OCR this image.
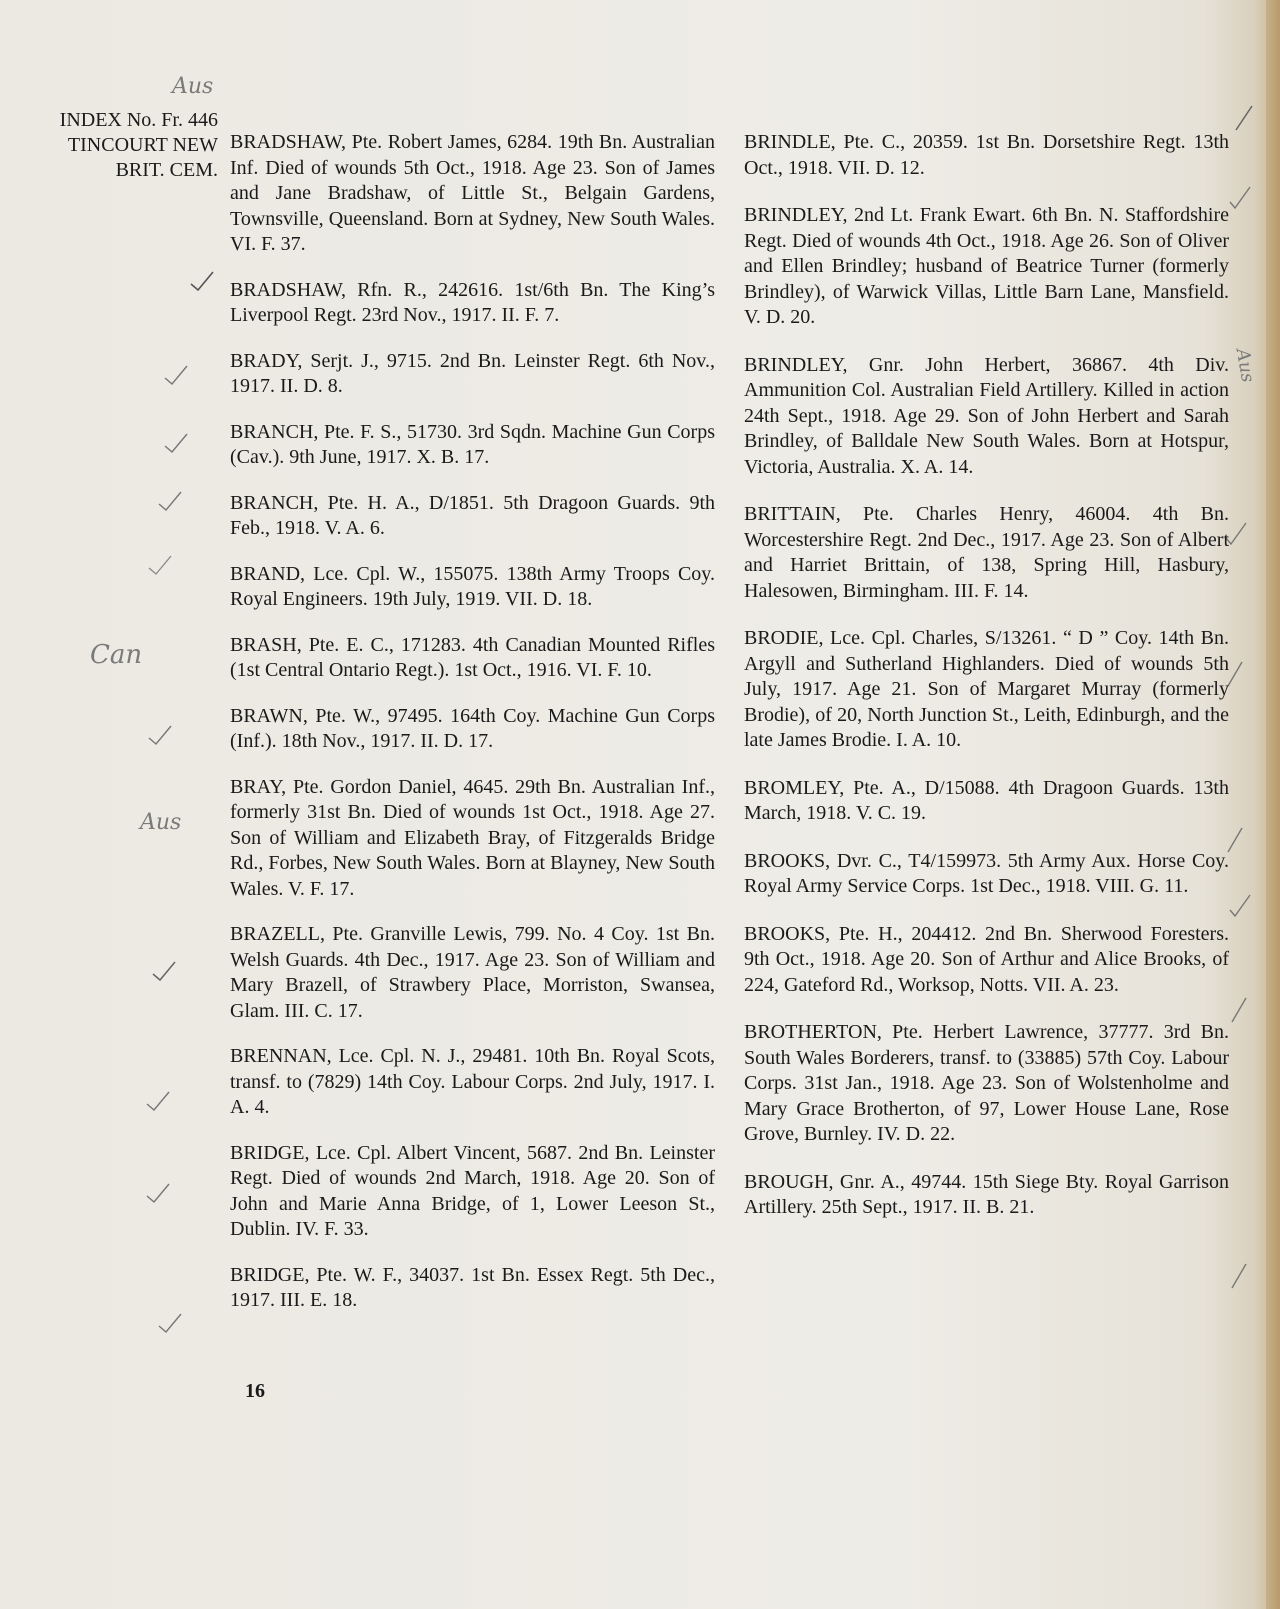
INDEX No. Fr. 446
TINCOURT NEW
BRIT. CEM.
Aus
Can
Aus
Aus

BRADSHAW, Pte. Robert James, 6284. 19th Bn. Australian Inf. Died of wounds 5th Oct., 1918. Age 23. Son of James and Jane Bradshaw, of Little St., Belgain Gardens, Townsville, Queensland. Born at Sydney, New South Wales. VI. F. 37.

BRADSHAW, Rfn. R., 242616. 1st/6th Bn. The King’s Liverpool Regt. 23rd Nov., 1917. II. F. 7.

BRADY, Serjt. J., 9715. 2nd Bn. Leinster Regt. 6th Nov., 1917. II. D. 8.

BRANCH, Pte. F. S., 51730. 3rd Sqdn. Machine Gun Corps (Cav.). 9th June, 1917. X. B. 17.

BRANCH, Pte. H. A., D/1851. 5th Dragoon Guards. 9th Feb., 1918. V. A. 6.

BRAND, Lce. Cpl. W., 155075. 138th Army Troops Coy. Royal Engineers. 19th July, 1919. VII. D. 18.

BRASH, Pte. E. C., 171283. 4th Canadian Mounted Rifles (1st Central Ontario Regt.). 1st Oct., 1916. VI. F. 10.

BRAWN, Pte. W., 97495. 164th Coy. Machine Gun Corps (Inf.). 18th Nov., 1917. II. D. 17.

BRAY, Pte. Gordon Daniel, 4645. 29th Bn. Australian Inf., formerly 31st Bn. Died of wounds 1st Oct., 1918. Age 27. Son of William and Elizabeth Bray, of Fitzgeralds Bridge Rd., Forbes, New South Wales. Born at Blayney, New South Wales. V. F. 17.

BRAZELL, Pte. Granville Lewis, 799. No. 4 Coy. 1st Bn. Welsh Guards. 4th Dec., 1917. Age 23. Son of William and Mary Brazell, of Strawbery Place, Morriston, Swansea, Glam. III. C. 17.

BRENNAN, Lce. Cpl. N. J., 29481. 10th Bn. Royal Scots, transf. to (7829) 14th Coy. Labour Corps. 2nd July, 1917. I. A. 4.

BRIDGE, Lce. Cpl. Albert Vincent, 5687. 2nd Bn. Leinster Regt. Died of wounds 2nd March, 1918. Age 20. Son of John and Marie Anna Bridge, of 1, Lower Leeson St., Dublin. IV. F. 33.

BRIDGE, Pte. W. F., 34037. 1st Bn. Essex Regt. 5th Dec., 1917. III. E. 18.

BRINDLE, Pte. C., 20359. 1st Bn. Dorsetshire Regt. 13th Oct., 1918. VII. D. 12.

BRINDLEY, 2nd Lt. Frank Ewart. 6th Bn. N. Staffordshire Regt. Died of wounds 4th Oct., 1918. Age 26. Son of Oliver and Ellen Brindley; husband of Beatrice Turner (formerly Brindley), of Warwick Villas, Little Barn Lane, Mansfield. V. D. 20.

BRINDLEY, Gnr. John Herbert, 36867. 4th Div. Ammunition Col. Australian Field Artillery. Killed in action 24th Sept., 1918. Age 29. Son of John Herbert and Sarah Brindley, of Balldale New South Wales. Born at Hotspur, Victoria, Australia. X. A. 14.

BRITTAIN, Pte. Charles Henry, 46004. 4th Bn. Worcestershire Regt. 2nd Dec., 1917. Age 23. Son of Albert and Harriet Brittain, of 138, Spring Hill, Hasbury, Halesowen, Birmingham. III. F. 14.

BRODIE, Lce. Cpl. Charles, S/13261. “ D ” Coy. 14th Bn. Argyll and Sutherland Highlanders. Died of wounds 5th July, 1917. Age 21. Son of Margaret Murray (formerly Brodie), of 20, North Junction St., Leith, Edinburgh, and the late James Brodie. I. A. 10.

BROMLEY, Pte. A., D/15088. 4th Dragoon Guards. 13th March, 1918. V. C. 19.

BROOKS, Dvr. C., T4/159973. 5th Army Aux. Horse Coy. Royal Army Service Corps. 1st Dec., 1918. VIII. G. 11.

BROOKS, Pte. H., 204412. 2nd Bn. Sherwood Foresters. 9th Oct., 1918. Age 20. Son of Arthur and Alice Brooks, of 224, Gateford Rd., Worksop, Notts. VII. A. 23.

BROTHERTON, Pte. Herbert Lawrence, 37777. 3rd Bn. South Wales Borderers, transf. to (33885) 57th Coy. Labour Corps. 31st Jan., 1918. Age 23. Son of Wolstenholme and Mary Grace Brotherton, of 97, Lower House Lane, Rose Grove, Burnley. IV. D. 22.

BROUGH, Gnr. A., 49744. 15th Siege Bty. Royal Garrison Artillery. 25th Sept., 1917. II. B. 21.

16
